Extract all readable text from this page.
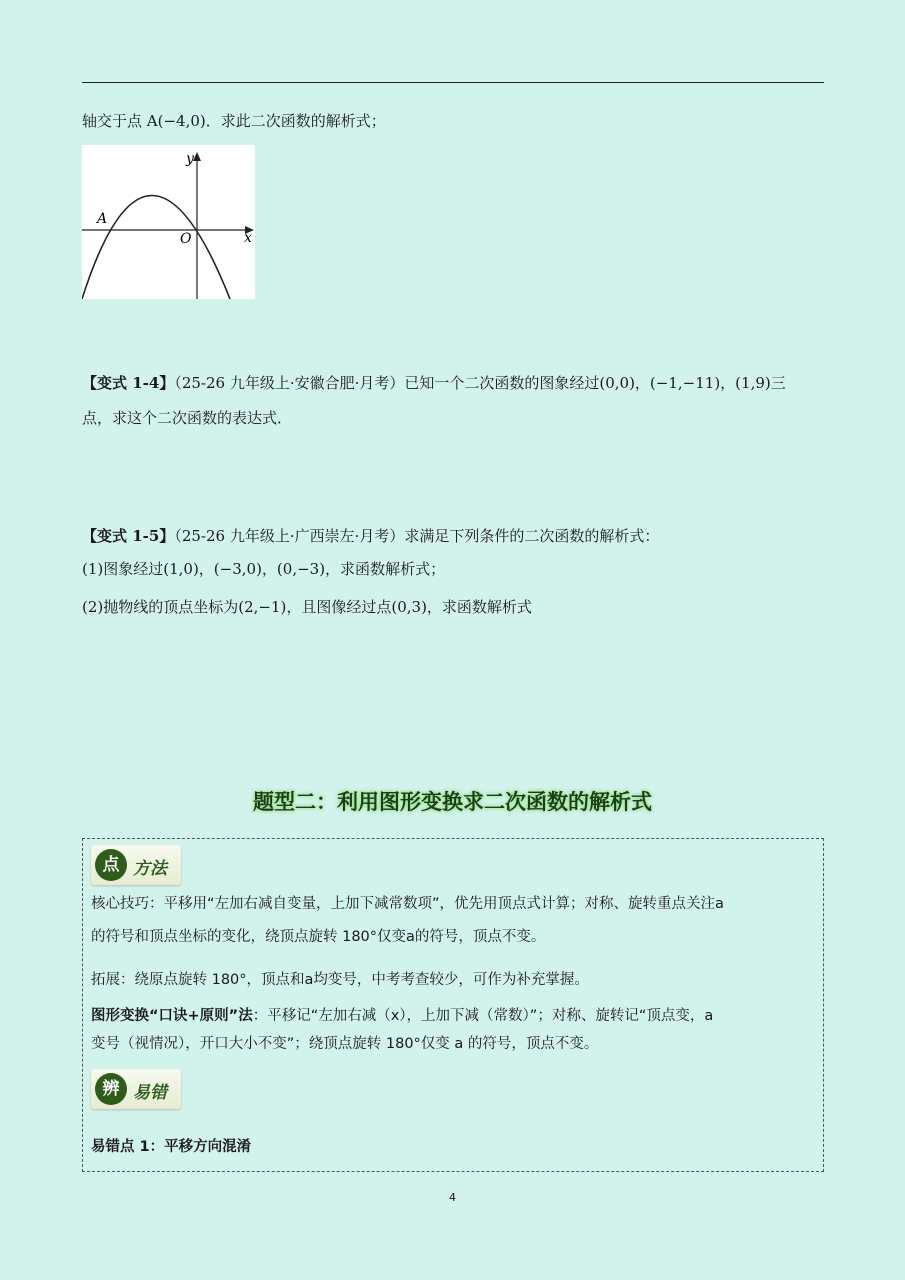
轴交于点 A(−4,0)．求此二次函数的解析式；
y
x
A
O
【变式 1-4】（25-26 九年级上·安徽合肥·月考）已知一个二次函数的图象经过(0,0)，(−1,−11)，(1,9)三
点，求这个二次函数的表达式．
【变式 1-5】（25-26 九年级上·广西崇左·月考）求满足下列条件的二次函数的解析式：
(1)图象经过(1,0)，(−3,0)，(0,−3)，求函数解析式；
(2)抛物线的顶点坐标为(2,−1)，且图像经过点(0,3)，求函数解析式
题型二：利用图形变换求二次函数的解析式
点 方法
核心技巧：平移用“左加右减自变量，上加下减常数项”，优先用顶点式计算；对称、旋转重点关注a
的符号和顶点坐标的变化，绕顶点旋转 180°仅变a的符号，顶点不变。
拓展：绕原点旋转 180°，顶点和a均变号，中考考查较少，可作为补充掌握。
图形变换“口诀+原则”法：平移记“左加右减（x），上加下减（常数）”；对称、旋转记“顶点变，a
变号（视情况），开口大小不变”；绕顶点旋转 180°仅变 a 的符号，顶点不变。
辨 易错
易错点 1：平移方向混淆
4
